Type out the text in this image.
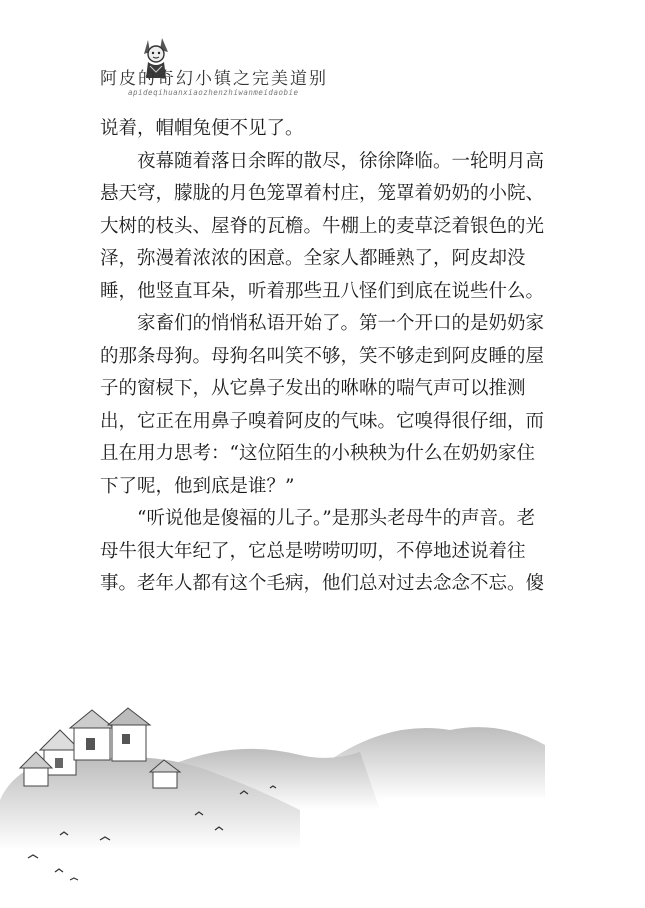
阿皮的奇幻小镇之完美道别
apideqihuanxiaozhenzhiwanmeidaobie

说着，帽帽兔便不见了。

夜幕随着落日余晖的散尽，徐徐降临。一轮明月高悬天穹，朦胧的月色笼罩着村庄，笼罩着奶奶的小院、大树的枝头、屋脊的瓦檐。牛棚上的麦草泛着银色的光泽，弥漫着浓浓的困意。全家人都睡熟了，阿皮却没睡，他竖直耳朵，听着那些丑八怪们到底在说些什么。

家畜们的悄悄私语开始了。第一个开口的是奶奶家的那条母狗。母狗名叫笑不够，笑不够走到阿皮睡的屋子的窗棂下，从它鼻子发出的咻咻的喘气声可以推测出，它正在用鼻子嗅着阿皮的气味。它嗅得很仔细，而且在用力思考：“这位陌生的小秧秧为什么在奶奶家住下了呢，他到底是谁？”

“听说他是傻福的儿子。”是那头老母牛的声音。老母牛很大年纪了，它总是唠唠叨叨，不停地述说着往事。老年人都有这个毛病，他们总对过去念念不忘。傻
